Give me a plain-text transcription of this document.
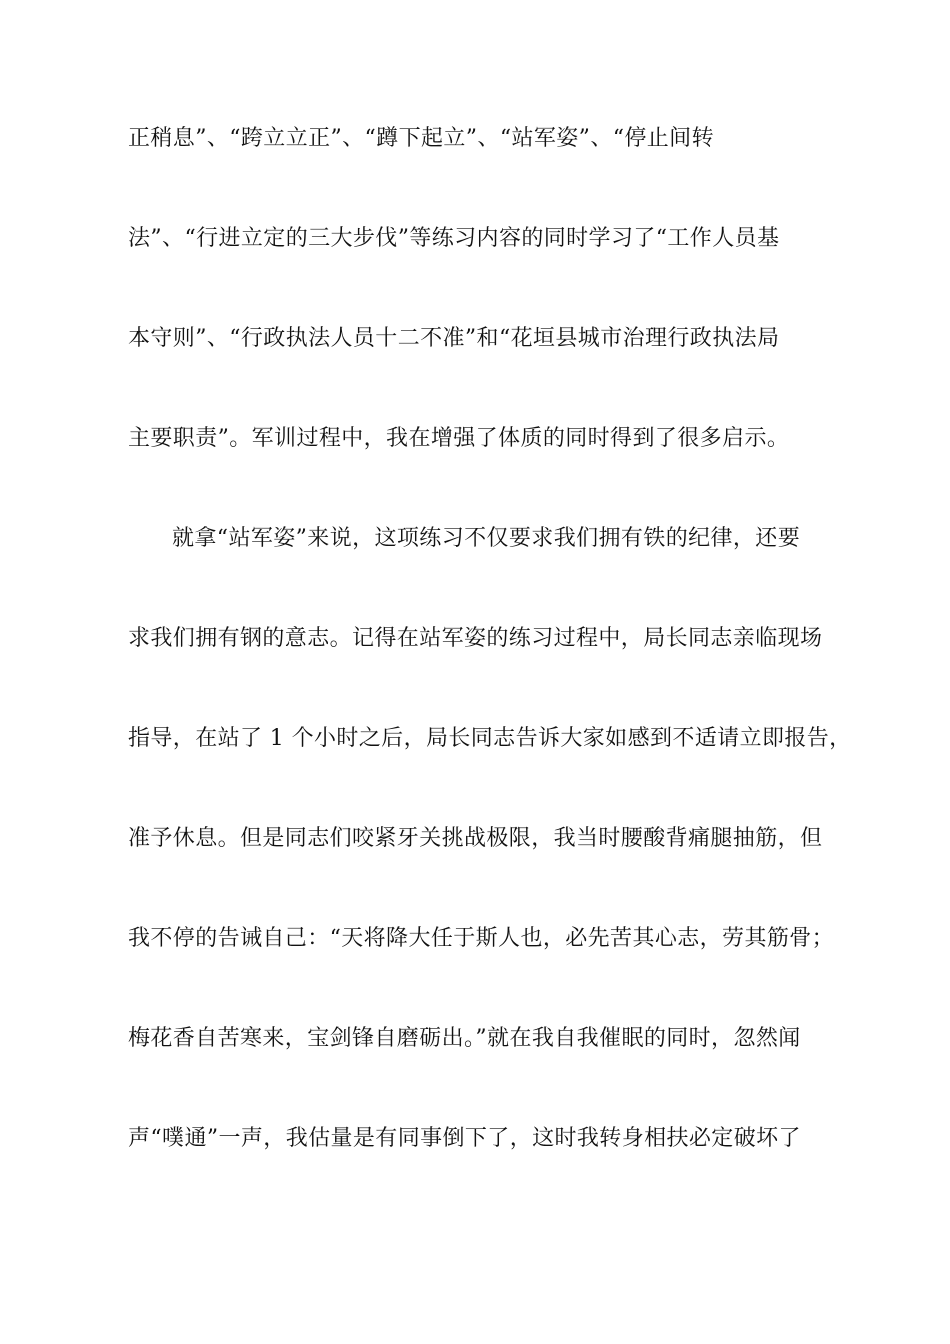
正稍息”、“跨立立正”、“蹲下起立”、“站军姿”、“停止间转
法”、“行进立定的三大步伐”等练习内容的同时学习了“工作人员基
本守则”、“行政执法人员十二不准”和“花垣县城市治理行政执法局
主要职责”。军训过程中，我在增强了体质的同时得到了很多启示。
就拿“站军姿”来说，这项练习不仅要求我们拥有铁的纪律，还要
求我们拥有钢的意志。记得在站军姿的练习过程中，局长同志亲临现场
指导，在站了 1 个小时之后，局长同志告诉大家如感到不适请立即报告，
准予休息。但是同志们咬紧牙关挑战极限，我当时腰酸背痛腿抽筋，但
我不停的告诫自己：“天将降大任于斯人也，必先苦其心志，劳其筋骨；
梅花香自苦寒来，宝剑锋自磨砺出。”就在我自我催眠的同时，忽然闻
声“噗通”一声，我估量是有同事倒下了，这时我转身相扶必定破坏了
